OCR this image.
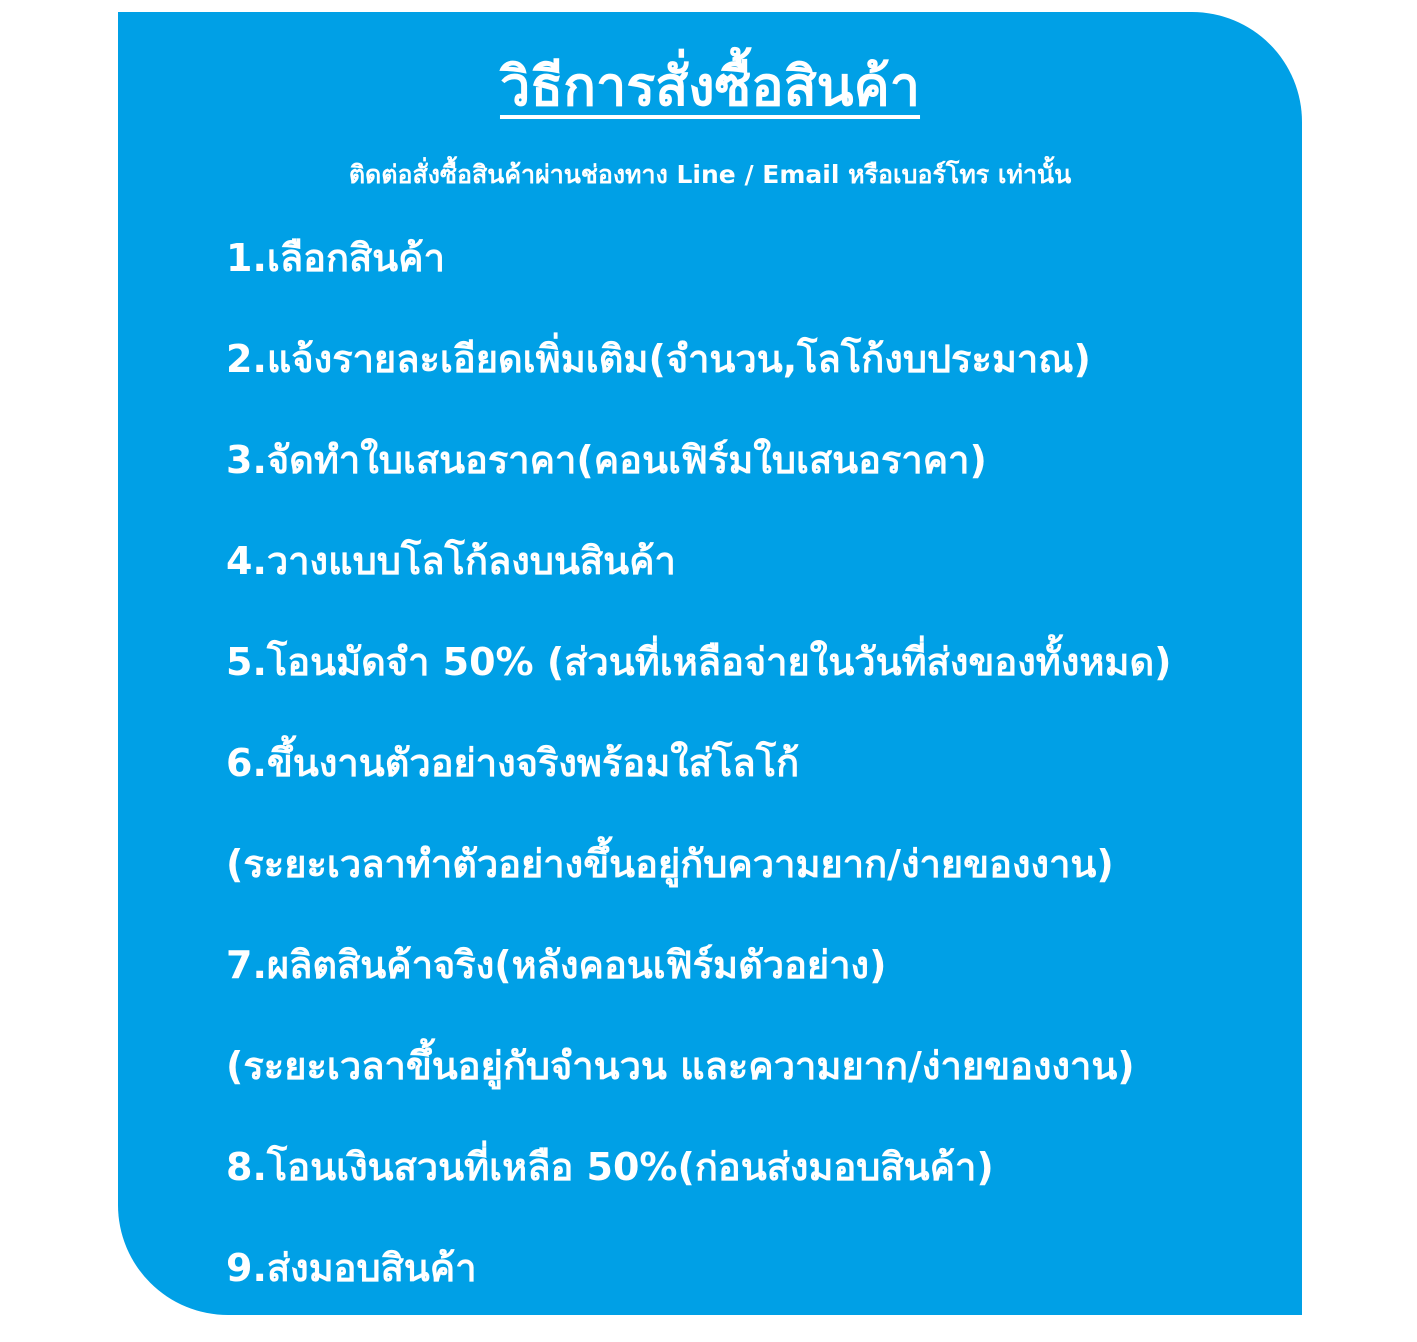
วิธีการสั่งซื้อสินค้า

ติดต่อสั่งซื้อสินค้าผ่านช่องทาง Line / Email หรือเบอร์โทร เท่านั้น

1.เลือกสินค้า
2.แจ้งรายละเอียดเพิ่มเติม(จำนวน,โลโก้งบประมาณ)
3.จัดทำใบเสนอราคา(คอนเฟิร์มใบเสนอราคา)
4.วางแบบโลโก้ลงบนสินค้า
5.โอนมัดจำ 50% (ส่วนที่เหลือจ่ายในวันที่ส่งของทั้งหมด)
6.ขึ้นงานตัวอย่างจริงพร้อมใส่โลโก้
(ระยะเวลาทำตัวอย่างขึ้นอยู่กับความยาก/ง่ายของงาน)
7.ผลิตสินค้าจริง(หลังคอนเฟิร์มตัวอย่าง)
(ระยะเวลาขึ้นอยู่กับจำนวน และความยาก/ง่ายของงาน)
8.โอนเงินสวนที่เหลือ 50%(ก่อนส่งมอบสินค้า)
9.ส่งมอบสินค้า
